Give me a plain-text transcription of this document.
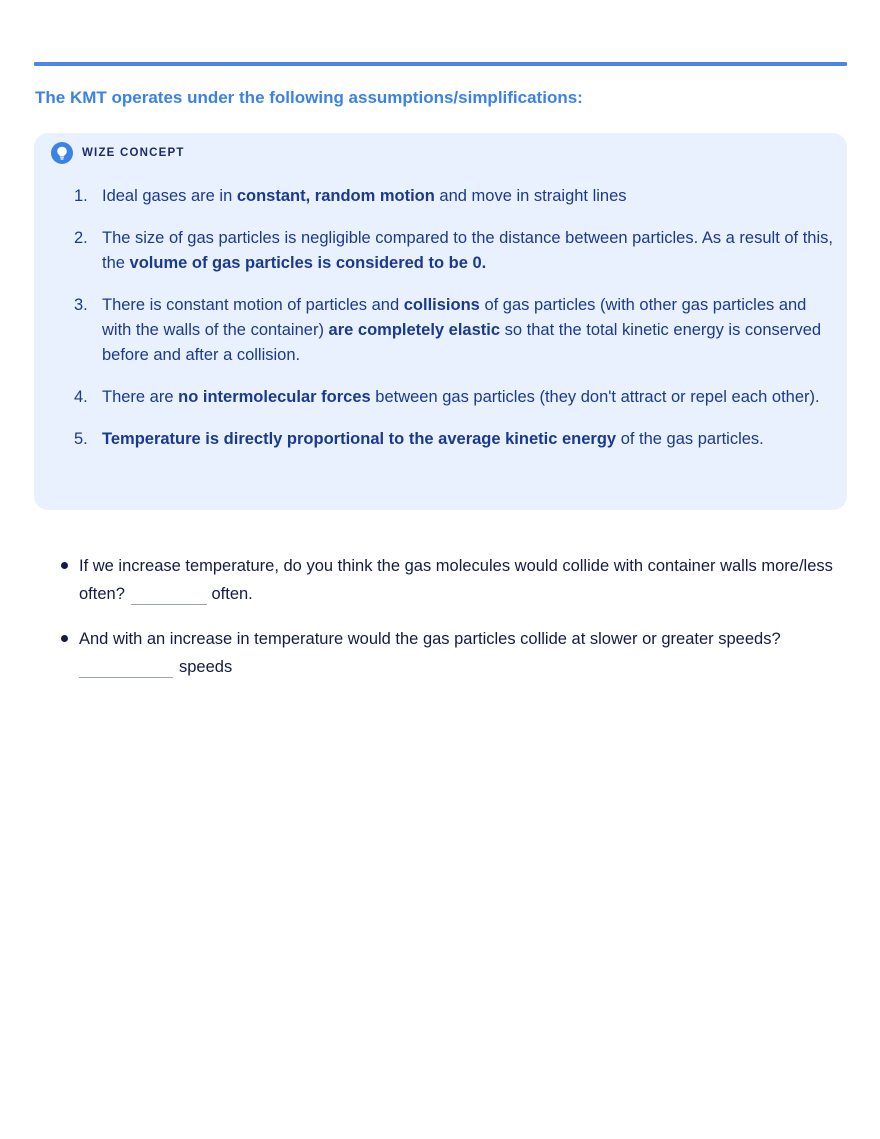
The KMT operates under the following assumptions/simplifications:
WIZE CONCEPT
1. Ideal gases are in constant, random motion and move in straight lines
2. The size of gas particles is negligible compared to the distance between particles. As a result of this, the volume of gas particles is considered to be 0.
3. There is constant motion of particles and collisions of gas particles (with other gas particles and with the walls of the container) are completely elastic so that the total kinetic energy is conserved before and after a collision.
4. There are no intermolecular forces between gas particles (they don't attract or repel each other).
5. Temperature is directly proportional to the average kinetic energy of the gas particles.
If we increase temperature, do you think the gas molecules would collide with container walls more/less often?	often.
And with an increase in temperature would the gas particles collide at slower or greater speeds? speeds
